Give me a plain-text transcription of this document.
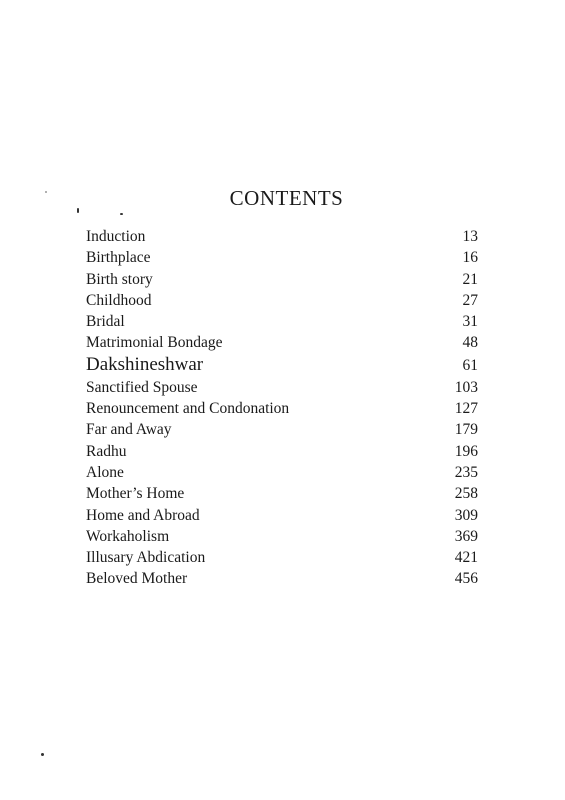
CONTENTS
Induction	13
Birthplace	16
Birth story	21
Childhood	27
Bridal	31
Matrimonial Bondage	48
Dakshineshwar	61
Sanctified Spouse	103
Renouncement and Condonation	127
Far and Away	179
Radhu	196
Alone	235
Mother’s Home	258
Home and Abroad	309
Workaholism	369
Illusary Abdication	421
Beloved Mother	456
